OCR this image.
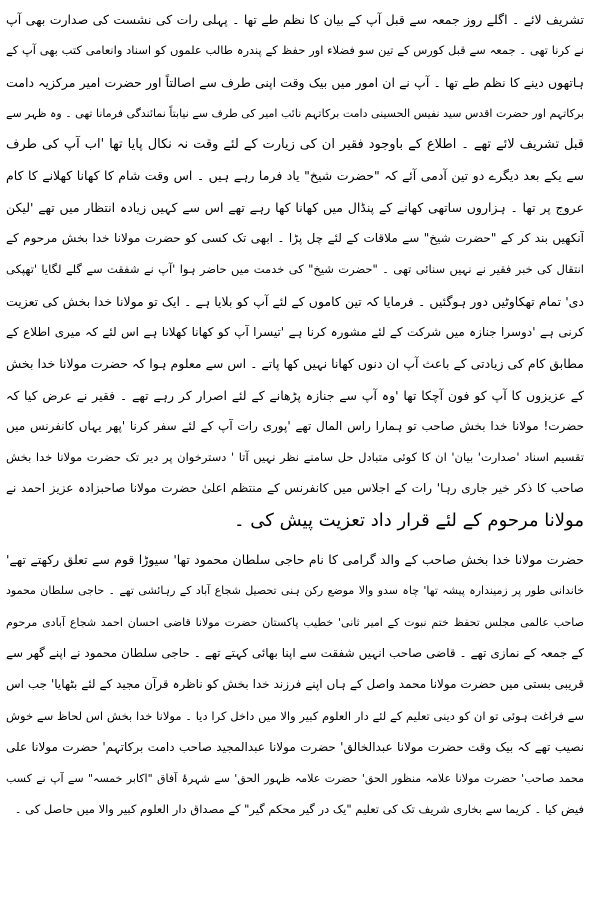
تشریف لائے ۔ اگلے روز جمعہ سے قبل آپ کے بیان کا نظم طے تھا ۔ پہلی رات کی نشست کی صدارت بھی آپ
نے کرنا تھی ۔ جمعہ سے قبل کورس کے تین سو فضلاء اور حفظ کے پندرہ طالب علموں کو اسناد وانعامی کتب بھی آپ کے
ہاتھوں دینے کا نظم طے تھا ۔ آپ نے ان امور میں بیک وقت اپنی طرف سے اصالتاً اور حضرت امیر مرکزیہ دامت
برکاتہم اور حضرت اقدس سید نفیس الحسینی دامت برکاتہم نائب امیر کی طرف سے نیابتاً نمائندگی فرمانا تھی ۔ وہ ظہر سے
قبل تشریف لائے تھے ۔ اطلاع کے باوجود فقیر ان کی زیارت کے لئے وقت نہ نکال پایا تھا 'اب آپ کی طرف
سے یکے بعد دیگرے دو تین آدمی آئے کہ "حضرت شیخ" یاد فرما رہے ہیں ۔ اس وقت شام کا کھانا کھلانے کا کام
عروج پر تھا ۔ ہزاروں ساتھی کھانے کے پنڈال میں کھانا کھا رہے تھے اس سے کہیں زیادہ انتظار میں تھے 'لیکن
آنکھیں بند کر کے "حضرت شیخ" سے ملاقات کے لئے چل پڑا ۔ ابھی تک کسی کو حضرت مولانا خدا بخش مرحوم کے
انتقال کی خبر فقیر نے نہیں سنائی تھی ۔ "حضرت شیخ" کی خدمت میں حاضر ہوا 'آپ نے شفقت سے گلے لگایا 'تھپکی
دی' تمام تھکاوٹیں دور ہوگئیں ۔ فرمایا کہ تین کاموں کے لئے آپ کو بلایا ہے ۔ ایک تو مولانا خدا بخش کی تعزیت
کرنی ہے 'دوسرا جنازہ میں شرکت کے لئے مشورہ کرنا ہے 'تیسرا آپ کو کھانا کھلانا ہے اس لئے کہ میری اطلاع کے
مطابق کام کی زیادتی کے باعث آپ ان دنوں کھانا نہیں کھا پاتے ۔ اس سے معلوم ہوا کہ حضرت مولانا خدا بخش
کے عزیزوں کا آپ کو فون آچکا تھا 'وہ آپ سے جنازہ پڑھانے کے لئے اصرار کر رہے تھے ۔ فقیر نے عرض کیا کہ
حضرت! مولانا خدا بخش صاحب تو ہمارا راس المال تھے 'پوری رات آپ کے لئے سفر کرنا 'پھر یہاں کانفرنس میں
تقسیم اسناد 'صدارت' بیان' ان کا کوئی متبادل حل سامنے نظر نہیں آتا ' دسترخوان پر دیر تک حضرت مولانا خدا بخش
صاحب کا ذکر خیر جاری رہا' رات کے اجلاس میں کانفرنس کے منتظم اعلیٰ حضرت مولانا صاحبزادہ عزیز احمد نے
مولانا مرحوم کے لئے قرار داد تعزیت پیش کی ۔
حضرت مولانا خدا بخش صاحب کے والد گرامی کا نام حاجی سلطان محمود تھا' سیوڑا قوم سے تعلق رکھتے تھے'
خاندانی طور پر زمیندارہ پیشہ تھا' چاہ سدو والا موضع رکن ہنی تحصیل شجاع آباد کے رہائشی تھے ۔ حاجی سلطان محمود
صاحب عالمی مجلس تحفظ ختم نبوت کے امیر ثانی' خطیب پاکستان حضرت مولانا قاضی احسان احمد شجاع آبادی مرحوم
کے جمعہ کے نمازی تھے ۔ قاضی صاحب انہیں شفقت سے اپنا بھائی کہتے تھے ۔ حاجی سلطان محمود نے اپنے گھر سے
قریبی بستی میں حضرت مولانا محمد واصل کے ہاں اپنے فرزند خدا بخش کو ناظرہ قرآن مجید کے لئے بٹھایا' جب اس
سے فراغت ہوئی تو ان کو دینی تعلیم کے لئے دار العلوم کبیر والا میں داخل کرا دیا ۔ مولانا خدا بخش اس لحاظ سے خوش
نصیب تھے کہ بیک وقت حضرت مولانا عبدالخالق' حضرت مولانا عبدالمجید صاحب دامت برکاتہم' حضرت مولانا علی
محمد صاحب' حضرت مولانا علامہ منظور الحق' حضرت علامہ ظہور الحق' سے شہرۂ آفاق "اکابر خمسہ" سے آپ نے کسب
فیض کیا ۔ کریما سے بخاری شریف تک کی تعلیم "یک در گیر محکم گیر" کے مصداق دار العلوم کبیر والا میں حاصل کی ۔
